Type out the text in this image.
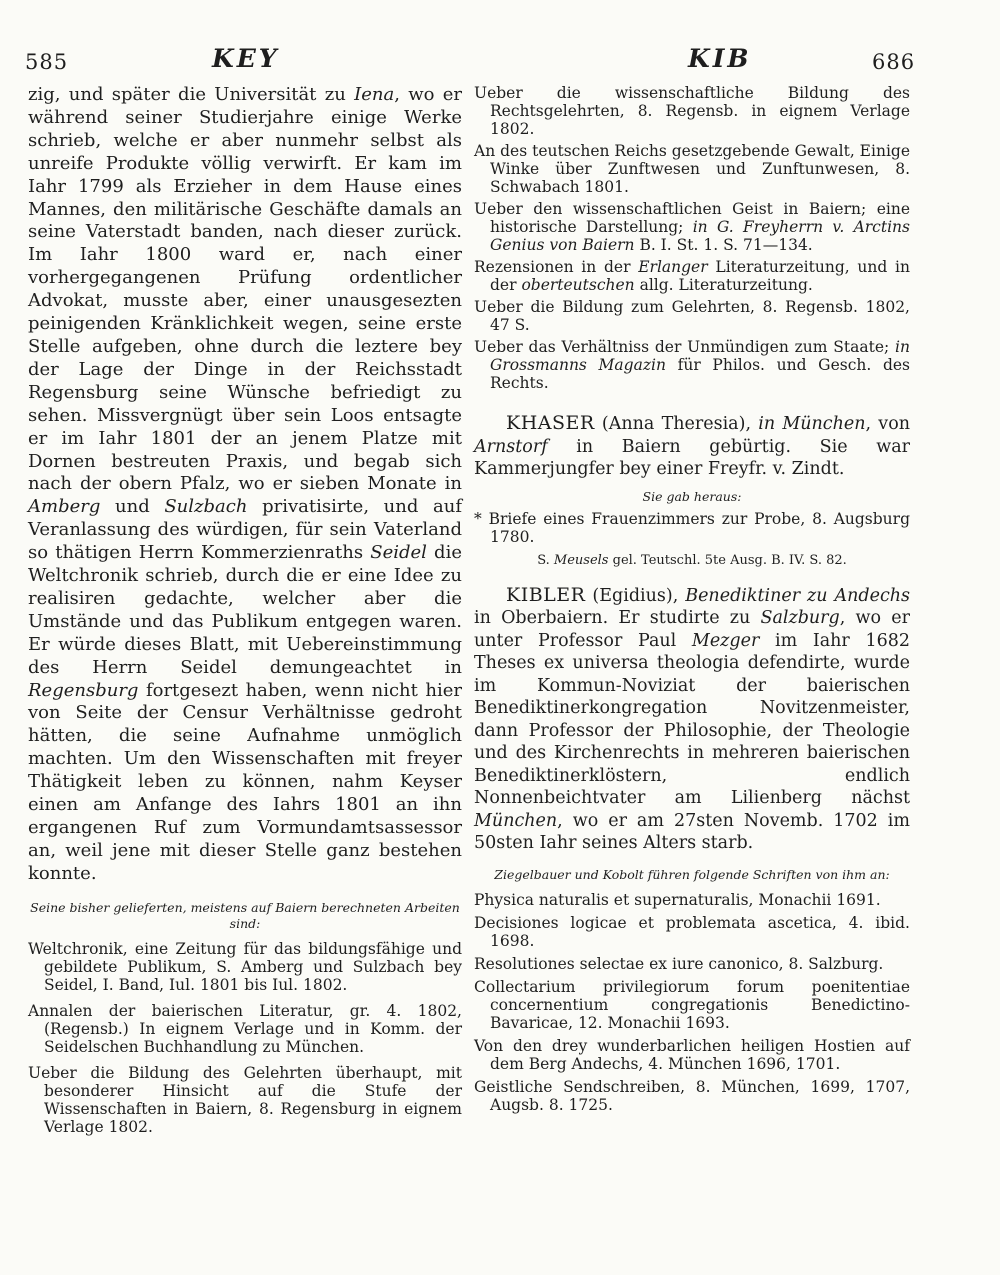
585	KEY	KIB	686

zig, und später die Universität zu Iena, wo er während seiner Studierjahre einige Werke schrieb, welche er aber nunmehr selbst als unreife Produkte völlig verwirft. Er kam im Iahr 1799 als Erzieher in dem Hause eines Mannes, den militärische Geschäfte damals an seine Vaterstadt banden, nach dieser zurück. Im Iahr 1800 ward er, nach einer vorhergegangenen Prüfung ordentlicher Advokat, musste aber, einer unausgesezten peinigenden Kränklichkeit wegen, seine erste Stelle aufgeben, ohne durch die leztere bey der Lage der Dinge in der Reichsstadt Regensburg seine Wünsche befriedigt zu sehen. Missvergnügt über sein Loos entsagte er im Iahr 1801 der an jenem Platze mit Dornen bestreuten Praxis, und begab sich nach der obern Pfalz, wo er sieben Monate in Amberg und Sulzbach privatisirte, und auf Veranlassung des würdigen, für sein Vaterland so thätigen Herrn Kommerzienraths Seidel die Weltchronik schrieb, durch die er eine Idee zu realisiren gedachte, welcher aber die Umstände und das Publikum entgegen waren. Er würde dieses Blatt, mit Uebereinstimmung des Herrn Seidel demungeachtet in Regensburg fortgesezt haben, wenn nicht hier von Seite der Censur Verhältnisse gedroht hätten, die seine Aufnahme unmöglich machten. Um den Wissenschaften mit freyer Thätigkeit leben zu können, nahm Keyser einen am Anfange des Iahrs 1801 an ihn ergangenen Ruf zum Vormundamtsassessor an, weil jene mit dieser Stelle ganz bestehen konnte.

Seine bisher gelieferten, meistens auf Baiern berechneten Arbeiten sind:

Weltchronik, eine Zeitung für das bildungsfähige und gebildete Publikum, S. Amberg und Sulzbach bey Seidel, I. Band, Iul. 1801 bis Iul. 1802.

Annalen der baierischen Literatur, gr. 4. 1802, (Regensb.) In eignem Verlage und in Komm. der Seidelschen Buchhandlung zu München.

Ueber die Bildung des Gelehrten überhaupt, mit besonderer Hinsicht auf die Stufe der Wissenschaften in Baiern, 8. Regensburg in eignem Verlage 1802.

Ueber die wissenschaftliche Bildung des Rechtsgelehrten, 8. Regensb. in eignem Verlage 1802.

An des teutschen Reichs gesetzgebende Gewalt, Einige Winke über Zunftwesen und Zunftunwesen, 8. Schwabach 1801.

Ueber den wissenschaftlichen Geist in Baiern; eine historische Darstellung; in G. Freyherrn v. Arctins Genius von Baiern B. I. St. 1. S. 71—134.

Rezensionen in der Erlanger Literaturzeitung, und in der oberteutschen allg. Literaturzeitung.

Ueber die Bildung zum Gelehrten, 8. Regensb. 1802, 47 S.

Ueber das Verhältniss der Unmündigen zum Staate; in Grossmanns Magazin für Philos. und Gesch. des Rechts.

KHASER (Anna Theresia), in München, von Arnstorf in Baiern gebürtig. Sie war Kammerjungfer bey einer Freyfr. v. Zindt.

Sie gab heraus:

* Briefe eines Frauenzimmers zur Probe, 8. Augsburg 1780.

S. Meusels gel. Teutschl. 5te Ausg. B. IV. S. 82.

KIBLER (Egidius), Benediktiner zu Andechs in Oberbaiern. Er studirte zu Salzburg, wo er unter Professor Paul Mezger im Iahr 1682 Theses ex universa theologia defendirte, wurde im Kommun-Noviziat der baierischen Benediktinerkongregation Novitzenmeister, dann Professor der Philosophie, der Theologie und des Kirchenrechts in mehreren baierischen Benediktinerklöstern, endlich Nonnenbeichtvater am Lilienberg nächst München, wo er am 27sten Novemb. 1702 im 50sten Iahr seines Alters starb.

Ziegelbauer und Kobolt führen folgende Schriften von ihm an:

Physica naturalis et supernaturalis, Monachii 1691.

Decisiones logicae et problemata ascetica, 4. ibid. 1698.

Resolutiones selectae ex iure canonico, 8. Salzburg.

Collectarium privilegiorum forum poenitentiae concernentium congregationis Benedictino-Bavaricae, 12. Monachii 1693.

Von den drey wunderbarlichen heiligen Hostien auf dem Berg Andechs, 4. München 1696, 1701.

Geistliche Sendschreiben, 8. München, 1699, 1707, Augsb. 8. 1725.
